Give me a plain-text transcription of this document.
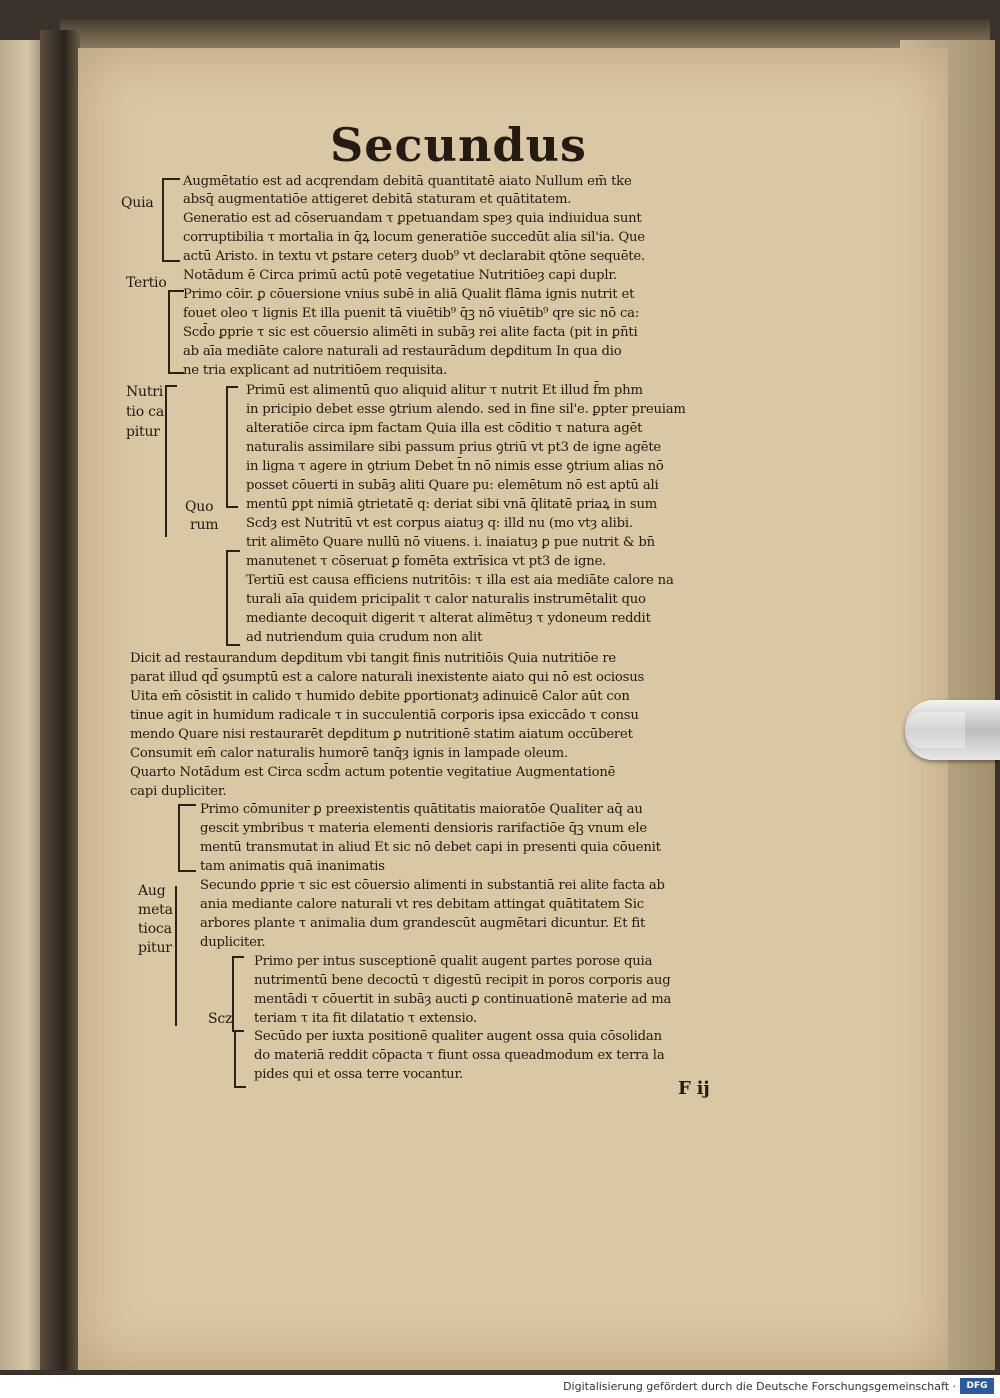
Secundus
Quia
Tertio
Nutri
tio ca
pitur
Quo
rum
Aug
meta
tioca
pitur
Scz
Augmētatio est ad acqrendam debitā quantitatē aiato Nullum em̄ tke
absq̄ augmentatiōe attigeret debitā staturam et quātitatem.
Generatio est ad cōseruandam τ ꝑpetuandam speȝ quia indiuidua sunt
corruptibilia τ mortalia in q̄ꝝ locum generatiōe succedūt alia sil'ia. Que
actū Aristo. in textu vt ꝑstare ceterȝ duob⁹ vt declarabit qtōne sequēte.
Notādum ē Circa primū actū potē vegetatiue Nutritiōeȝ capi duplr.
Primo cōir. ꝑ cōuersione vnius subē in aliā Qualit flāma ignis nutrit et
fouet oleo τ lignis Et illa puenit tā viuētib⁹ q̄ꝫ nō viuētib⁹ qre sic nō ca:
Scd̄o ꝑprie τ sic est cōuersio alimēti in subāȝ rei alite facta (pit in ꝑn̄ti
ab aīa mediāte calore naturali ad restaurādum deꝑditum In qua dio
ne tria explicant ad nutritiōem requisita.
Primū est alimentū quo aliquid alitur τ nutrit Et illud f̄m phm
in pricipio debet esse ꝯtrium alendo. sed in fine sil'e. ꝑpter preuiam
alteratiōe circa ipm factam Quia illa est cōditio τ natura agēt
naturalis assimilare sibi passum prius ꝯtriū vt pt3 de igne agēte
in ligna τ agere in ꝯtrium Debet t̄n nō nimis esse ꝯtrium alias nō
posset cōuerti in subāȝ aliti Quare pu: elemētum nō est aptū ali
mentū ꝑpt nimiā ꝯtrietatē q: deriat sibi vnā q̄litatē priaꝝ in sum
Scdȝ est Nutritū vt est corpus aiatuȝ q: illd nu (mo vtȝ alibi.
trit alimēto Quare nullū nō viuens. i. inaiatuȝ ꝑ pue nutrit & bn̄
manutenet τ cōseruat ꝑ fomēta extrīsica vt pt3 de igne.
Tertiū est causa efficiens nutritōis: τ illa est aia mediāte calore na
turali aīa quidem pricipalit τ calor naturalis instrumētalit quo
mediante decoquit digerit τ alterat alimētuȝ τ ydoneum reddit
ad nutriendum quia crudum non alit
Dicit ad restaurandum deꝑditum vbi tangit finis nutritiōis Quia nutritiōe re
parat illud qd̄ ꝯsumptū est a calore naturali inexistente aiato qui nō est ociosus
Uita em̄ cōsistit in calido τ humido debite ꝑportionatȝ adinuicē Calor aūt con
tinue agit in humidum radicale τ in succulentiā corporis ipsa exiccādo τ consu
mendo Quare nisi restaurarēt deꝑditum ꝑ nutritionē statim aiatum occūberet
Consumit em̄ calor naturalis humorē tanq̄ȝ ignis in lampade oleum.
Quarto Notādum est Circa scd̄m actum potentie vegitatiue Augmentationē
capi dupliciter.
Primo cōmuniter ꝑ preexistentis quātitatis maioratōe Qualiter aq̄ au
gescit ymbribus τ materia elementi densioris rarifactiōe q̄ꝫ vnum ele
mentū transmutat in aliud Et sic nō debet capi in presenti quia cōuenit
tam animatis quā inanimatis
Secundo ꝑprie τ sic est cōuersio alimenti in substantiā rei alite facta ab
ania mediante calore naturali vt res debitam attingat quātitatem Sic
arbores plante τ animalia dum grandescūt augmētari dicuntur. Et fit
dupliciter.
Primo per intus susceptionē qualit augent partes porose quia
nutrimentū bene decoctū τ digestū recipit in poros corporis aug
mentādi τ cōuertit in subāȝ aucti ꝑ continuationē materie ad ma
teriam τ ita fit dilatatio τ extensio.
Secūdo per iuxta positionē qualiter augent ossa quia cōsolidan
do materiā reddit cōpacta τ fiunt ossa queadmodum ex terra la
pides qui et ossa terre vocantur.
F ij
Digitalisierung gefördert durch die Deutsche Forschungsgemeinschaft ·	DFG
